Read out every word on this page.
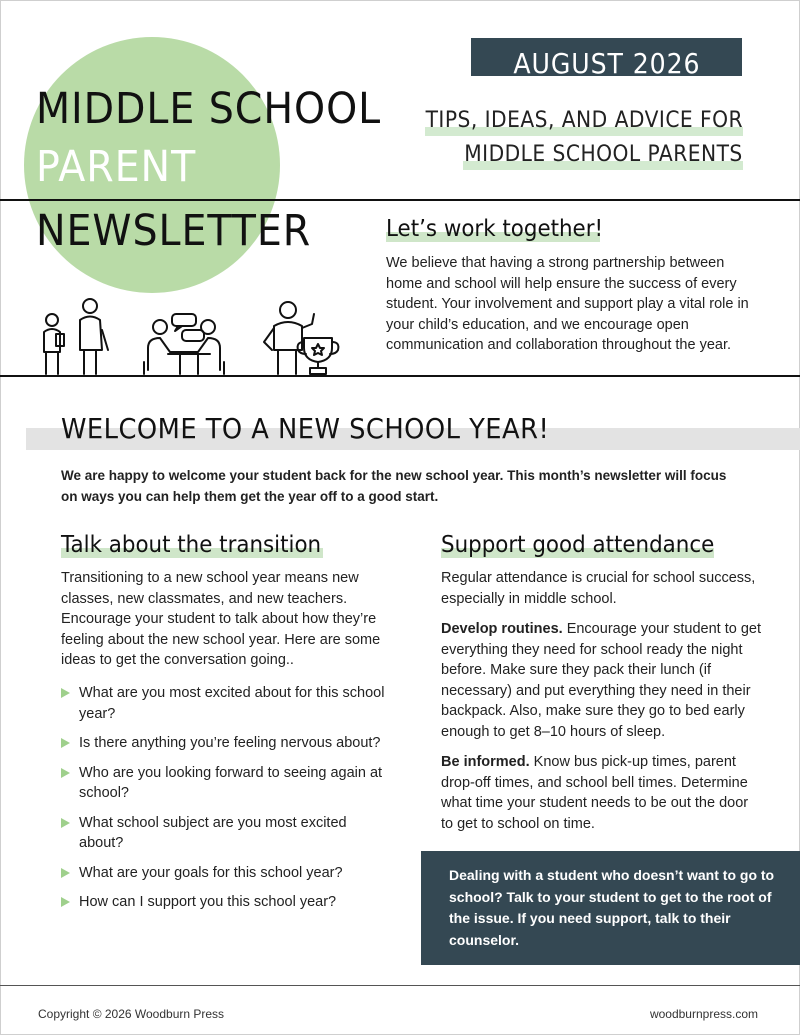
MIDDLE SCHOOL
PARENT
NEWSLETTER
AUGUST 2026
TIPS, IDEAS, AND ADVICE FOR
MIDDLE SCHOOL PARENTS
Let’s work together!
We believe that having a strong partnership between home and school will help ensure the success of every student. Your involvement and support play a vital role in your child’s education, and we encourage open communication and collaboration throughout the year.
WELCOME TO A NEW SCHOOL YEAR!
We are happy to welcome your student back for the new school year. This month’s newsletter will focus on ways you can help them get the year off to a good start.
Talk about the transition
Transitioning to a new school year means new classes, new classmates, and new teachers. Encourage your student to talk about how they’re feeling about the new school year. Here are some ideas to get the conversation going..
What are you most excited about for this school year?
Is there anything you’re feeling nervous about?
Who are you looking forward to seeing again at school?
What school subject are you most excited about?
What are your goals for this school year?
How can I support you this school year?
Support good attendance

Regular attendance is crucial for school success, especially in middle school.

Develop routines. Encourage your student to get everything they need for school ready the night before. Make sure they pack their lunch (if necessary) and put everything they need in their backpack. Also, make sure they go to bed early enough to get 8–10 hours of sleep.

Be informed. Know bus pick-up times, parent drop-off times, and school bell times. Determine what time your student needs to be out the door to get to school on time.

Dealing with a student who doesn’t want to go to school? Talk to your student to get to the root of the issue. If you need support, talk to their counselor.
Copyright © 2026 Woodburn Press	woodburnpress.com
